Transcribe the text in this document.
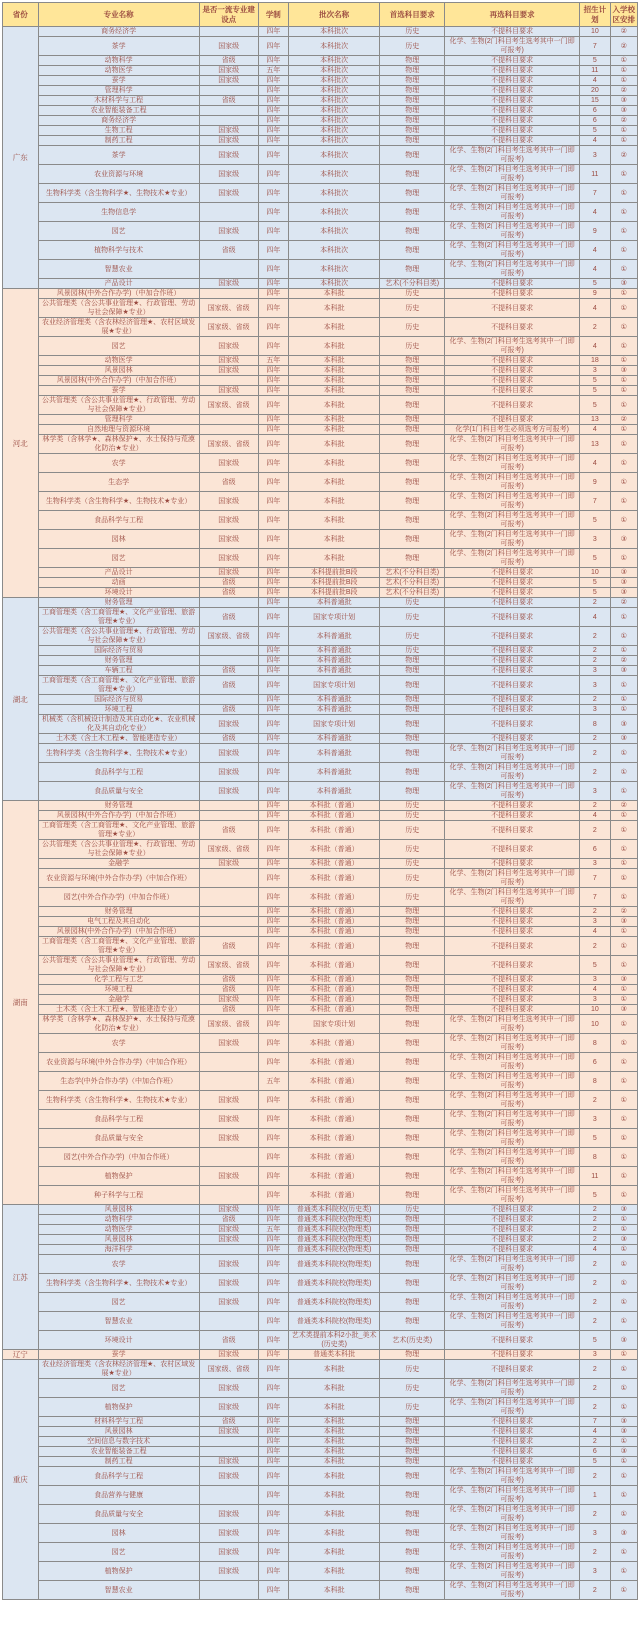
省份	专业名称	是否一流专业建设点	学制	批次名称	首选科目要求	再选科目要求	招生计划	入学校区安排
广东	商务经济学		四年	本科批次	历史	不提科目要求	10	②
	茶学	国家级	四年	本科批次	历史	化学、生物(2门科目考生选考其中一门即可报考)	7	②
	动物科学	省级	四年	本科批次	物理	不提科目要求	5	①
	动物医学	国家级	五年	本科批次	物理	不提科目要求	11	①
	蚕学	国家级	四年	本科批次	物理	不提科目要求	4	①
	管理科学		四年	本科批次	物理	不提科目要求	20	②
	木材科学与工程	省级	四年	本科批次	物理	不提科目要求	15	③
	农业智能装备工程		四年	本科批次	物理	不提科目要求	6	③
	商务经济学		四年	本科批次	物理	不提科目要求	6	②
	生物工程	国家级	四年	本科批次	物理	不提科目要求	5	①
	制药工程	国家级	四年	本科批次	物理	不提科目要求	4	①
	茶学	国家级	四年	本科批次	物理	化学、生物(2门科目考生选考其中一门即可报考)	3	②
	农业资源与环境	国家级	四年	本科批次	物理	化学、生物(2门科目考生选考其中一门即可报考)	11	①
	生物科学类（含生物科学★、生物技术★专业）	国家级	四年	本科批次	物理	化学、生物(2门科目考生选考其中一门即可报考)	7	①
	生物信息学		四年	本科批次	物理	化学、生物(2门科目考生选考其中一门即可报考)	4	①
	园艺	国家级	四年	本科批次	物理	化学、生物(2门科目考生选考其中一门即可报考)	9	①
	植物科学与技术	省级	四年	本科批次	物理	化学、生物(2门科目考生选考其中一门即可报考)	4	①
	智慧农业		四年	本科批次	物理	化学、生物(2门科目考生选考其中一门即可报考)	4	①
	产品设计	国家级	四年	本科批次	艺术(不分科目类)	不提科目要求	5	③
河北	风景园林(中外合作办学)（中加合作班）		四年	本科批	历史	不提科目要求	9	①
	公共管理类（含公共事业管理★、行政管理、劳动与社会保障★专业）	国家级、省级	四年	本科批	历史	不提科目要求	4	①
	农业经济管理类（含农林经济管理★、农村区域发展★专业）	国家级、省级	四年	本科批	历史	不提科目要求	2	①
	园艺	国家级	四年	本科批	历史	化学、生物(2门科目考生选考其中一门即可报考)	4	①
	动物医学	国家级	五年	本科批	物理	不提科目要求	18	①
	风景园林	国家级	四年	本科批	物理	不提科目要求	3	③
	风景园林(中外合作办学)（中加合作班）		四年	本科批	物理	不提科目要求	5	①
	蚕学	国家级	四年	本科批	物理	不提科目要求	5	①
	公共管理类（含公共事业管理★、行政管理、劳动与社会保障★专业）	国家级、省级	四年	本科批	物理	不提科目要求	5	①
	管理科学		四年	本科批	物理	不提科目要求	13	②
	自然地理与资源环境		四年	本科批	物理	化学(1门科目考生必须选考方可报考)	4	①
	林学类（含林学★、森林保护★、水土保持与荒漠化防治★专业）	国家级、省级	四年	本科批	物理	化学、生物(2门科目考生选考其中一门即可报考)	13	①
	农学	国家级	四年	本科批	物理	化学、生物(2门科目考生选考其中一门即可报考)	4	①
	生态学	省级	四年	本科批	物理	化学、生物(2门科目考生选考其中一门即可报考)	9	①
	生物科学类（含生物科学★、生物技术★专业）	国家级	四年	本科批	物理	化学、生物(2门科目考生选考其中一门即可报考)	7	①
	食品科学与工程	国家级	四年	本科批	物理	化学、生物(2门科目考生选考其中一门即可报考)	5	①
	园林	国家级	四年	本科批	物理	化学、生物(2门科目考生选考其中一门即可报考)	3	③
	园艺	国家级	四年	本科批	物理	化学、生物(2门科目考生选考其中一门即可报考)	5	①
	产品设计	国家级	四年	本科提前批B段	艺术(不分科目类)	不提科目要求	10	③
	动画	省级	四年	本科提前批B段	艺术(不分科目类)	不提科目要求	5	③
	环境设计	省级	四年	本科提前批B段	艺术(不分科目类)	不提科目要求	5	③
湖北	财务管理		四年	本科普通批	历史	不提科目要求	2	②
	工商管理类（含工商管理★、文化产业管理、旅游管理★专业）	省级	四年	国家专项计划	历史	不提科目要求	4	①
	公共管理类（含公共事业管理★、行政管理、劳动与社会保障★专业）	国家级、省级	四年	本科普通批	历史	不提科目要求	2	①
	国际经济与贸易		四年	本科普通批	历史	不提科目要求	2	①
	财务管理		四年	本科普通批	物理	不提科目要求	2	②
	车辆工程	省级	四年	本科普通批	物理	不提科目要求	3	③
	工商管理类（含工商管理★、文化产业管理、旅游管理★专业）	省级	四年	国家专项计划	物理	不提科目要求	3	①
	国际经济与贸易		四年	本科普通批	物理	不提科目要求	2	①
	环境工程	省级	四年	本科普通批	物理	不提科目要求	3	①
	机械类（含机械设计制造及其自动化★、农业机械化及其自动化专业）	国家级	四年	国家专项计划	物理	不提科目要求	8	③
	土木类（含土木工程★、智能建造专业）	省级	四年	本科普通批	物理	不提科目要求	2	③
	生物科学类（含生物科学★、生物技术★专业）	国家级	四年	本科普通批	物理	化学、生物(2门科目考生选考其中一门即可报考)	2	①
	食品科学与工程	国家级	四年	本科普通批	物理	化学、生物(2门科目考生选考其中一门即可报考)	2	①
	食品质量与安全	国家级	四年	本科普通批	物理	化学、生物(2门科目考生选考其中一门即可报考)	3	①
湖南	财务管理		四年	本科批（普通）	历史	不提科目要求	2	②
	风景园林(中外合作办学)（中加合作班）		四年	本科批（普通）	历史	不提科目要求	4	①
	工商管理类（含工商管理★、文化产业管理、旅游管理★专业）	省级	四年	本科批（普通）	历史	不提科目要求	2	①
	公共管理类（含公共事业管理★、行政管理、劳动与社会保障★专业）	国家级、省级	四年	本科批（普通）	历史	不提科目要求	6	①
	金融学	国家级	四年	本科批（普通）	历史	不提科目要求	3	①
	农业资源与环境(中外合作办学)（中加合作班）		四年	本科批（普通）	历史	化学、生物(2门科目考生选考其中一门即可报考)	7	①
	园艺(中外合作办学)（中加合作班）		四年	本科批（普通）	历史	化学、生物(2门科目考生选考其中一门即可报考)	7	①
	财务管理		四年	本科批（普通）	物理	不提科目要求	2	②
	电气工程及其自动化		四年	本科批（普通）	物理	不提科目要求	3	③
	风景园林(中外合作办学)（中加合作班）		四年	本科批（普通）	物理	不提科目要求	4	①
	工商管理类（含工商管理★、文化产业管理、旅游管理★专业）	省级	四年	本科批（普通）	物理	不提科目要求	2	①
	公共管理类（含公共事业管理★、行政管理、劳动与社会保障★专业）	国家级、省级	四年	本科批（普通）	物理	不提科目要求	5	①
	化学工程与工艺	省级	四年	本科批（普通）	物理	不提科目要求	3	③
	环境工程	省级	四年	本科批（普通）	物理	不提科目要求	4	①
	金融学	国家级	四年	本科批（普通）	物理	不提科目要求	3	①
	土木类（含土木工程★、智能建造专业）	省级	四年	本科批（普通）	物理	不提科目要求	10	③
	林学类（含林学★、森林保护★、水土保持与荒漠化防治★专业）	国家级、省级	四年	国家专项计划	物理	化学、生物(2门科目考生选考其中一门即可报考)	10	①
	农学	国家级	四年	本科批（普通）	物理	化学、生物(2门科目考生选考其中一门即可报考)	8	①
	农业资源与环境(中外合作办学)（中加合作班）		四年	本科批（普通）	物理	化学、生物(2门科目考生选考其中一门即可报考)	6	①
	生态学(中外合作办学)（中加合作班）		五年	本科批（普通）	物理	化学、生物(2门科目考生选考其中一门即可报考)	8	①
	生物科学类（含生物科学★、生物技术★专业）	国家级	四年	本科批（普通）	物理	化学、生物(2门科目考生选考其中一门即可报考)	2	①
	食品科学与工程	国家级	四年	本科批（普通）	物理	化学、生物(2门科目考生选考其中一门即可报考)	3	①
	食品质量与安全	国家级	四年	本科批（普通）	物理	化学、生物(2门科目考生选考其中一门即可报考)	5	①
	园艺(中外合作办学)（中加合作班）		四年	本科批（普通）	物理	化学、生物(2门科目考生选考其中一门即可报考)	8	①
	植物保护	国家级	四年	本科批（普通）	物理	化学、生物(2门科目考生选考其中一门即可报考)	11	①
	种子科学与工程		四年	本科批（普通）	物理	化学、生物(2门科目考生选考其中一门即可报考)	5	①
江苏	风景园林	国家级	四年	普通类本科院校(历史类)	历史	不提科目要求	2	③
	动物科学	省级	四年	普通类本科院校(物理类)	物理	不提科目要求	2	①
	动物医学	国家级	五年	普通类本科院校(物理类)	物理	不提科目要求	2	①
	风景园林	国家级	四年	普通类本科院校(物理类)	物理	不提科目要求	2	③
	海洋科学		四年	普通类本科院校(物理类)	物理	不提科目要求	4	①
	农学	国家级	四年	普通类本科院校(物理类)	物理	化学、生物(2门科目考生选考其中一门即可报考)	2	①
	生物科学类（含生物科学★、生物技术★专业）	国家级	四年	普通类本科院校(物理类)	物理	化学、生物(2门科目考生选考其中一门即可报考)	2	①
	园艺	国家级	四年	普通类本科院校(物理类)	物理	化学、生物(2门科目考生选考其中一门即可报考)	2	①
	智慧农业		四年	普通类本科院校(物理类)	物理	化学、生物(2门科目考生选考其中一门即可报考)	2	①
	环境设计	省级	四年	艺术类提前本科2小批_美术(历史类)	艺术(历史类)	不提科目要求	5	③
辽宁	蚕学	国家级	四年	普通类本科批	物理	不提科目要求	3	①
重庆	农业经济管理类（含农林经济管理★、农村区域发展★专业）	国家级、省级	四年	本科批	历史	不提科目要求	2	①
	园艺	国家级	四年	本科批	历史	化学、生物(2门科目考生选考其中一门即可报考)	2	①
	植物保护	国家级	四年	本科批	历史	化学、生物(2门科目考生选考其中一门即可报考)	2	①
	材料科学与工程	省级	四年	本科批	物理	不提科目要求	7	③
	风景园林	国家级	四年	本科批	物理	不提科目要求	4	③
	空间信息与数字技术		四年	本科批	物理	不提科目要求	2	①
	农业智能装备工程		四年	本科批	物理	不提科目要求	6	③
	制药工程	国家级	四年	本科批	物理	不提科目要求	5	①
	食品科学与工程	国家级	四年	本科批	物理	化学、生物(2门科目考生选考其中一门即可报考)	2	①
	食品营养与健康		四年	本科批	物理	化学、生物(2门科目考生选考其中一门即可报考)	1	①
	食品质量与安全	国家级	四年	本科批	物理	化学、生物(2门科目考生选考其中一门即可报考)	2	①
	园林	国家级	四年	本科批	物理	化学、生物(2门科目考生选考其中一门即可报考)	3	③
	园艺	国家级	四年	本科批	物理	化学、生物(2门科目考生选考其中一门即可报考)	2	①
	植物保护	国家级	四年	本科批	物理	化学、生物(2门科目考生选考其中一门即可报考)	3	①
	智慧农业		四年	本科批	物理	化学、生物(2门科目考生选考其中一门即可报考)	2	①
